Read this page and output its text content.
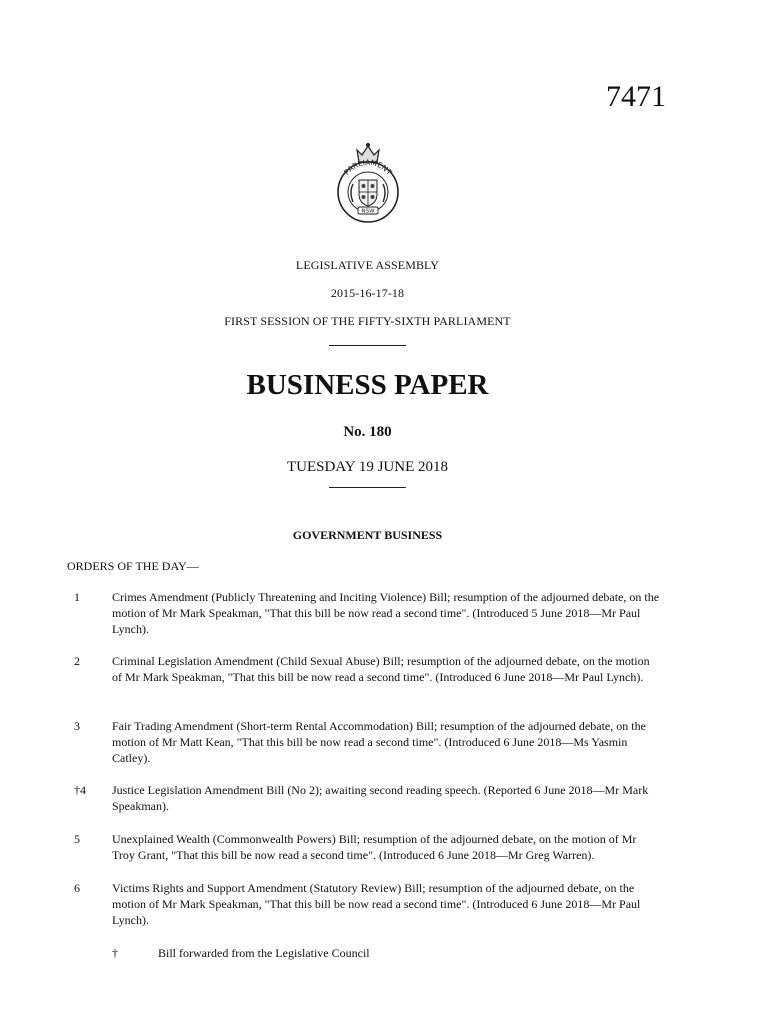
7471
PARLIAMENT
NSW
LEGISLATIVE ASSEMBLY
2015-16-17-18
FIRST SESSION OF THE FIFTY-SIXTH PARLIAMENT
BUSINESS PAPER
No. 180
TUESDAY 19 JUNE 2018
GOVERNMENT BUSINESS
ORDERS OF THE DAY—
1	Crimes Amendment (Publicly Threatening and Inciting Violence) Bill; resumption of the adjourned debate, on the motion of Mr Mark Speakman, "That this bill be now read a second time". (Introduced 5 June 2018—Mr Paul Lynch).
2	Criminal Legislation Amendment (Child Sexual Abuse) Bill; resumption of the adjourned debate, on the motion of Mr Mark Speakman, "That this bill be now read a second time". (Introduced 6 June 2018—Mr Paul Lynch).
3	Fair Trading Amendment (Short-term Rental Accommodation) Bill; resumption of the adjourned debate, on the motion of Mr Matt Kean, "That this bill be now read a second time". (Introduced 6 June 2018—Ms Yasmin Catley).
†4 Justice Legislation Amendment Bill (No 2); awaiting second reading speech. (Reported 6 June 2018—Mr Mark Speakman).
5	Unexplained Wealth (Commonwealth Powers) Bill; resumption of the adjourned debate, on the motion of Mr Troy Grant, "That this bill be now read a second time". (Introduced 6 June 2018—Mr Greg Warren).
6	Victims Rights and Support Amendment (Statutory Review) Bill; resumption of the adjourned debate, on the motion of Mr Mark Speakman, "That this bill be now read a second time". (Introduced 6 June 2018—Mr Paul Lynch).
†	Bill forwarded from the Legislative Council
